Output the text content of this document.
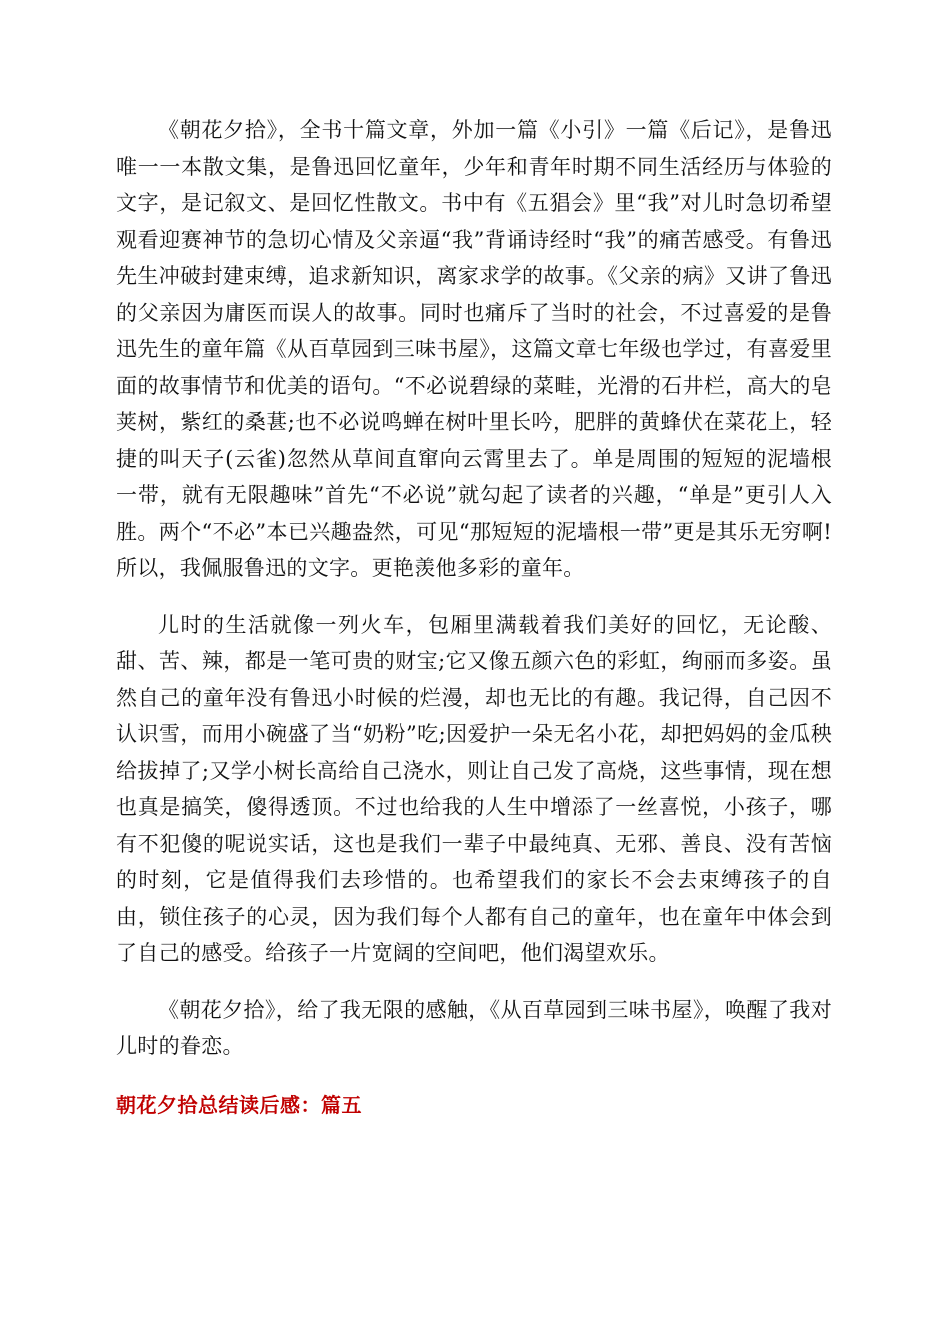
《朝花夕拾》，全书十篇文章，外加一篇《小引》一篇《后记》，是鲁迅唯一一本散文集，是鲁迅回忆童年，少年和青年时期不同生活经历与体验的文字，是记叙文、是回忆性散文。书中有《五猖会》里“我”对儿时急切希望观看迎赛神节的急切心情及父亲逼“我”背诵诗经时“我”的痛苦感受。有鲁迅先生冲破封建束缚，追求新知识，离家求学的故事。《父亲的病》又讲了鲁迅的父亲因为庸医而误人的故事。同时也痛斥了当时的社会，不过喜爱的是鲁迅先生的童年篇《从百草园到三味书屋》，这篇文章七年级也学过，有喜爱里面的故事情节和优美的语句。“不必说碧绿的菜畦，光滑的石井栏，高大的皂荚树，紫红的桑葚;也不必说鸣蝉在树叶里长吟，肥胖的黄蜂伏在菜花上，轻捷的叫天子(云雀)忽然从草间直窜向云霄里去了。单是周围的短短的泥墙根一带，就有无限趣味”首先“不必说”就勾起了读者的兴趣，“单是”更引人入胜。两个“不必”本已兴趣盎然，可见“那短短的泥墙根一带”更是其乐无穷啊!所以，我佩服鲁迅的文字。更艳羡他多彩的童年。

儿时的生活就像一列火车，包厢里满载着我们美好的回忆，无论酸、甜、苦、辣，都是一笔可贵的财宝;它又像五颜六色的彩虹，绚丽而多姿。虽然自己的童年没有鲁迅小时候的烂漫，却也无比的有趣。我记得，自己因不认识雪，而用小碗盛了当“奶粉”吃;因爱护一朵无名小花，却把妈妈的金瓜秧给拔掉了;又学小树长高给自己浇水，则让自己发了高烧，这些事情，现在想也真是搞笑，傻得透顶。不过也给我的人生中增添了一丝喜悦，小孩子，哪有不犯傻的呢说实话，这也是我们一辈子中最纯真、无邪、善良、没有苦恼的时刻，它是值得我们去珍惜的。也希望我们的家长不会去束缚孩子的自由，锁住孩子的心灵，因为我们每个人都有自己的童年，也在童年中体会到了自己的感受。给孩子一片宽阔的空间吧，他们渴望欢乐。

《朝花夕拾》，给了我无限的感触，《从百草园到三味书屋》，唤醒了我对儿时的眷恋。

朝花夕拾总结读后感：篇五
